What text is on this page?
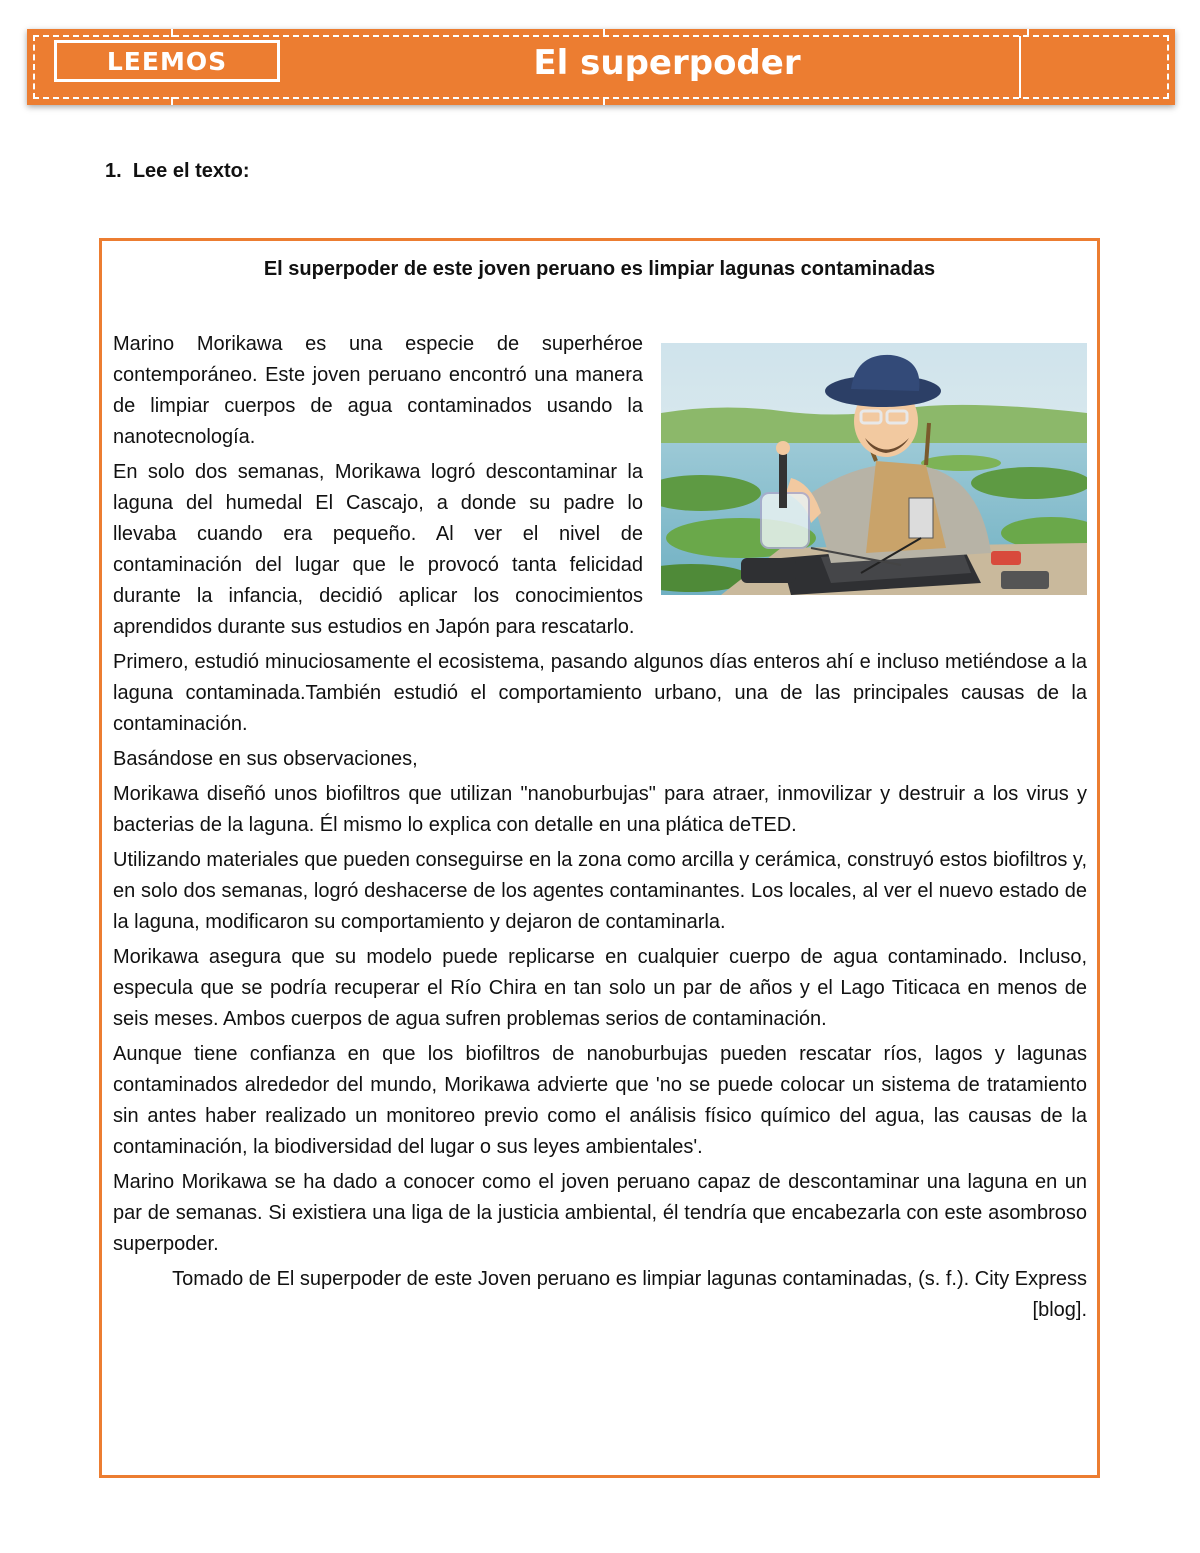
LEEMOS	El superpoder
1. Lee el texto:
El superpoder de este joven peruano es limpiar lagunas contaminadas

Marino Morikawa es una especie de superhéroe contemporáneo. Este joven peruano encontró una manera de limpiar cuerpos de agua contaminados usando la nanotecnología.

En solo dos semanas, Morikawa logró descontaminar la laguna del humedal El Cascajo, a donde su padre lo llevaba cuando era pequeño. Al ver el nivel de contaminación del lugar que le provocó tanta felicidad durante la infancia, decidió aplicar los conocimientos aprendidos durante sus estudios en Japón para rescatarlo.

Primero, estudió minuciosamente el ecosistema, pasando algunos días enteros ahí e incluso metiéndose a la laguna contaminada.También estudió el comportamiento urbano, una de las principales causas de la contaminación.

Basándose en sus observaciones,

Morikawa diseñó unos biofiltros que utilizan "nanoburbujas" para atraer, inmovilizar y destruir a los virus y bacterias de la laguna. Él mismo lo explica con detalle en una plática deTED.

Utilizando materiales que pueden conseguirse en la zona como arcilla y cerámica, construyó estos biofiltros y, en solo dos semanas, logró deshacerse de los agentes contaminantes. Los locales, al ver el nuevo estado de la laguna, modificaron su comportamiento y dejaron de contaminarla.

Morikawa asegura que su modelo puede replicarse en cualquier cuerpo de agua contaminado. Incluso, especula que se podría recuperar el Río Chira en tan solo un par de años y el Lago Titicaca en menos de seis meses. Ambos cuerpos de agua sufren problemas serios de contaminación.

Aunque tiene confianza en que los biofiltros de nanoburbujas pueden rescatar ríos, lagos y lagunas contaminados alrededor del mundo, Morikawa advierte que 'no se puede colocar un sistema de tratamiento sin antes haber realizado un monitoreo previo como el análisis físico químico del agua, las causas de la contaminación, la biodiversidad del lugar o sus leyes ambientales'.

Marino Morikawa se ha dado a conocer como el joven peruano capaz de descontaminar una laguna en un par de semanas. Si existiera una liga de la justicia ambiental, él tendría que encabezarla con este asombroso superpoder.

Tomado de El superpoder de este Joven peruano es limpiar lagunas contaminadas, (s. f.). City Express [blog].
